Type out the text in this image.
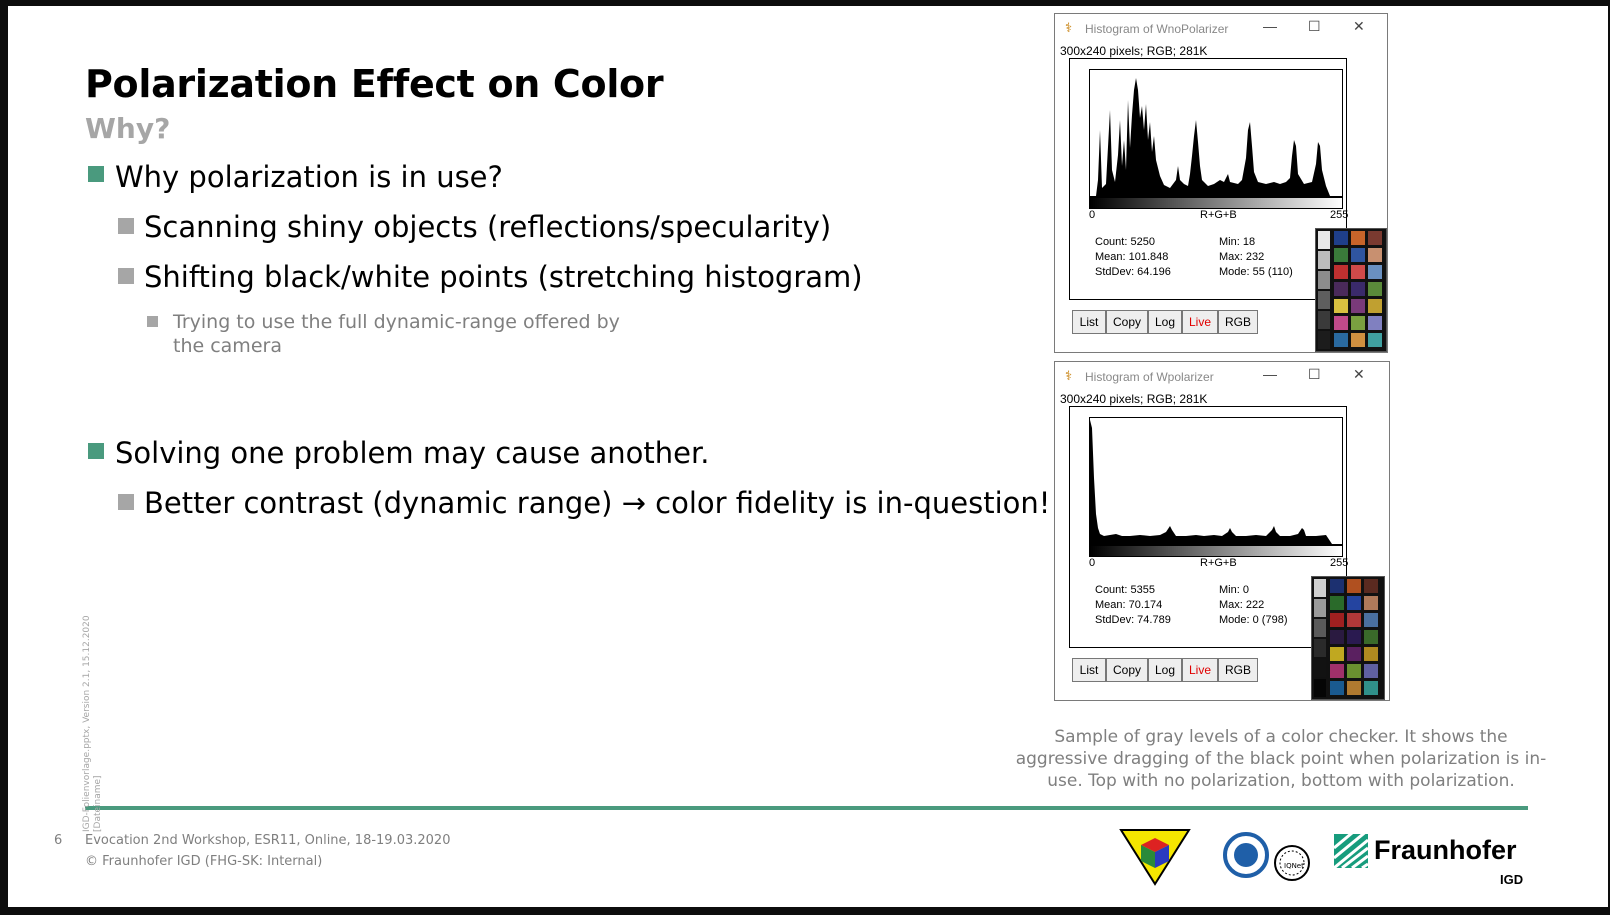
Polarization Effect on Color
Why?
Why polarization is in use?
Scanning shiny objects (reflections/specularity)
Shifting black/white points (stretching histogram)
Trying to use the full dynamic-range offered by
the camera
Solving one problem may cause another.
Better contrast (dynamic range) → color fidelity is in-question!
⚕ Histogram of WnoPolarizer — ☐ ✕
300x240 pixels; RGB; 281K
0	R+G+B	255
Count: 5250
Mean: 101.848
StdDev: 64.196
Min: 18
Max: 232
Mode: 55 (110)
List	Copy	Log	Live	RGB
⚕ Histogram of Wpolarizer	— ☐ ✕
300x240 pixels; RGB; 281K
0	R+G+B	255
Count: 5355
Mean: 70.174
StdDev: 74.789
Min: 0
Max: 222
Mode: 0 (798)
List	Copy	Log	Live	RGB
Sample of gray levels of a color checker. It shows the aggressive dragging of the black point when polarization is in-use. Top with no polarization, bottom with polarization.
6 Evocation 2nd Workshop, ESR11, Online, 18-19.03.2020
© Fraunhofer IGD (FHG-SK: Internal)
IGD-Folienvorlage.pptx, Version 2.1, 15.12.2020 [Dateiname]
IQNet
Fraunhofer
IGD
